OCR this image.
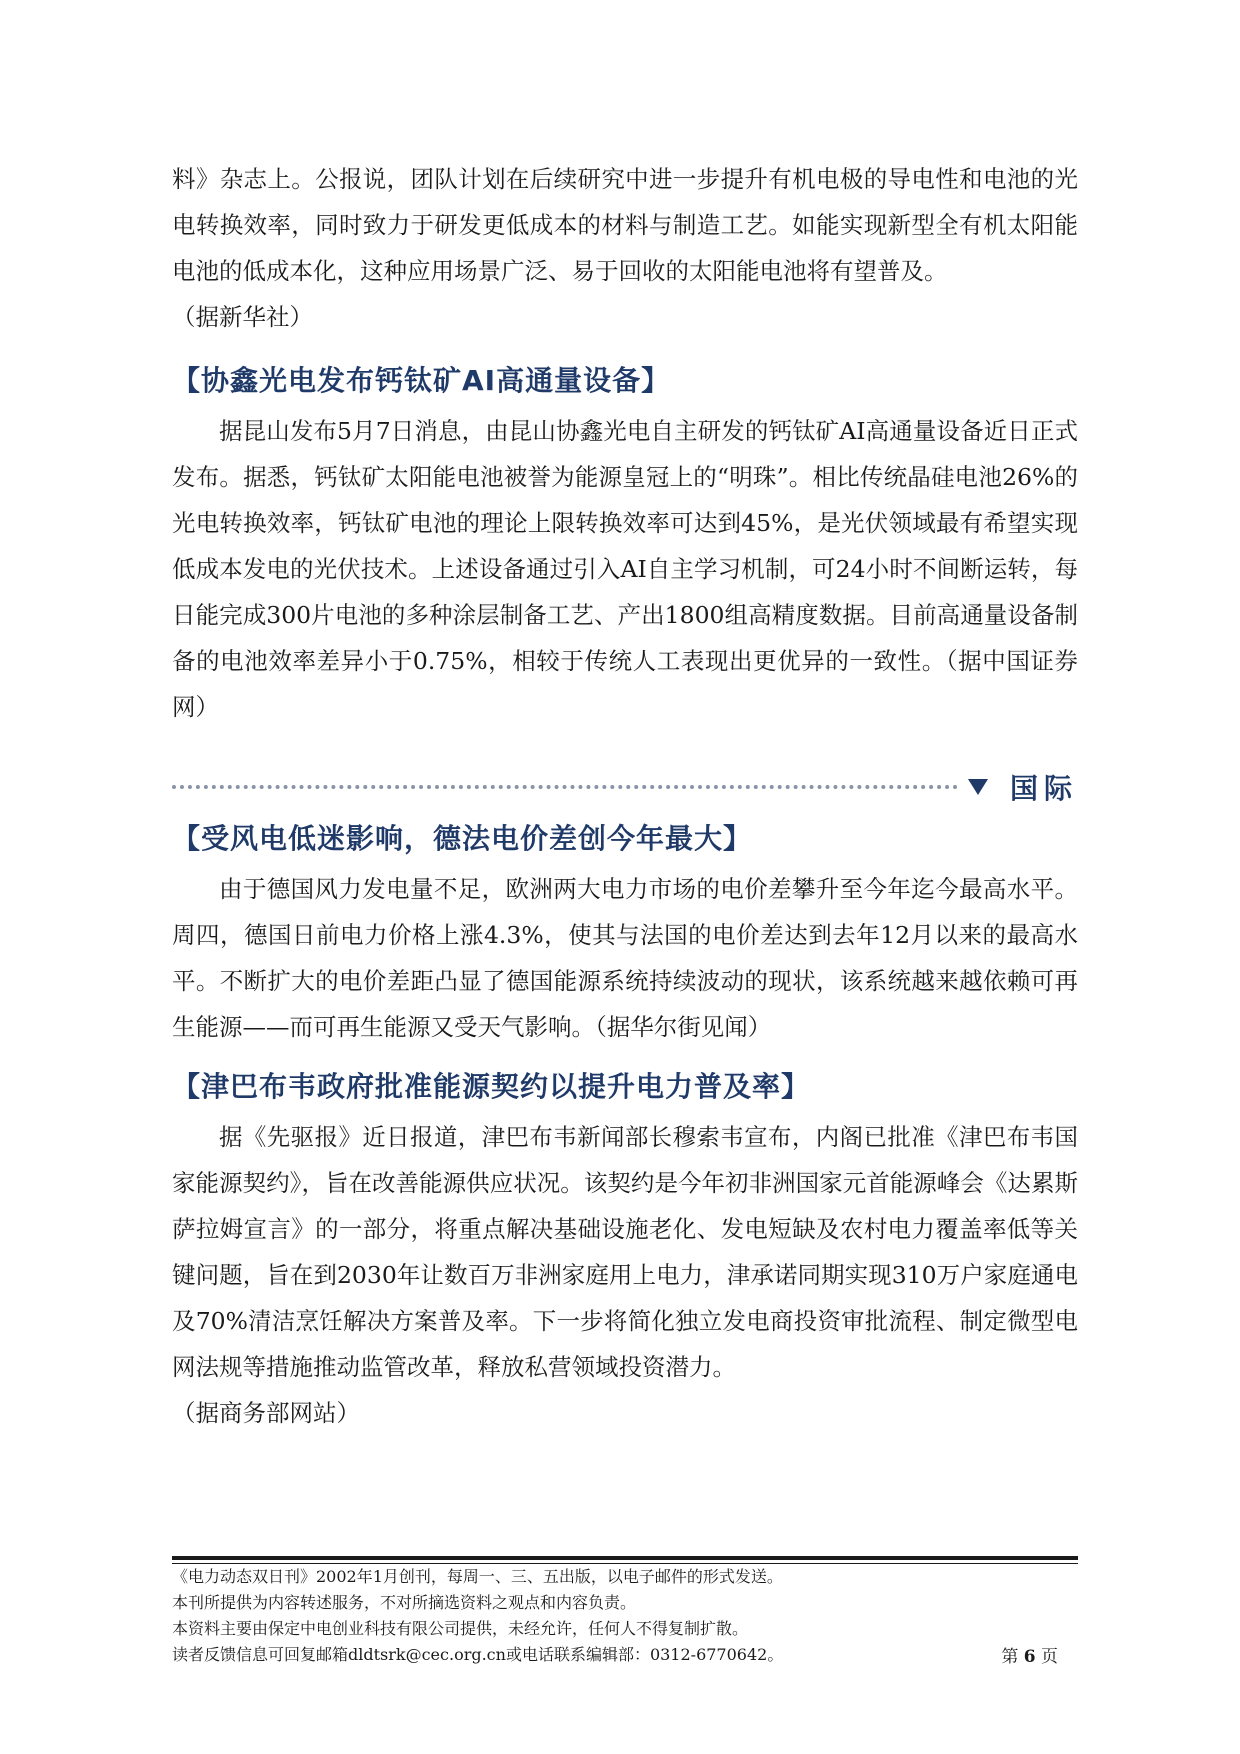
料》杂志上。公报说，团队计划在后续研究中进一步提升有机电极的导电性和电池的光电转换效率，同时致力于研发更低成本的材料与制造工艺。如能实现新型全有机太阳能电池的低成本化，这种应用场景广泛、易于回收的太阳能电池将有望普及。

（据新华社）

【协鑫光电发布钙钛矿AI高通量设备】

据昆山发布5月7日消息，由昆山协鑫光电自主研发的钙钛矿AI高通量设备近日正式发布。据悉，钙钛矿太阳能电池被誉为能源皇冠上的“明珠”。相比传统晶硅电池26%的光电转换效率，钙钛矿电池的理论上限转换效率可达到45%，是光伏领域最有希望实现低成本发电的光伏技术。上述设备通过引入AI自主学习机制，可24小时不间断运转，每日能完成300片电池的多种涂层制备工艺、产出1800组高精度数据。目前高通量设备制备的电池效率差异小于0.75%，相较于传统人工表现出更优异的一致性。（据中国证券网）

国际
【受风电低迷影响，德法电价差创今年最大】

由于德国风力发电量不足，欧洲两大电力市场的电价差攀升至今年迄今最高水平。周四，德国日前电力价格上涨4.3%，使其与法国的电价差达到去年12月以来的最高水平。不断扩大的电价差距凸显了德国能源系统持续波动的现状，该系统越来越依赖可再生能源——而可再生能源又受天气影响。（据华尔街见闻）

【津巴布韦政府批准能源契约以提升电力普及率】

据《先驱报》近日报道，津巴布韦新闻部长穆索韦宣布，内阁已批准《津巴布韦国家能源契约》，旨在改善能源供应状况。该契约是今年初非洲国家元首能源峰会《达累斯萨拉姆宣言》的一部分，将重点解决基础设施老化、发电短缺及农村电力覆盖率低等关键问题，旨在到2030年让数百万非洲家庭用上电力，津承诺同期实现310万户家庭通电及70%清洁烹饪解决方案普及率。下一步将简化独立发电商投资审批流程、制定微型电网法规等措施推动监管改革，释放私营领域投资潜力。

（据商务部网站）

《电力动态双日刊》2002年1月创刊，每周一、三、五出版，以电子邮件的形式发送。

本刊所提供为内容转述服务，不对所摘选资料之观点和内容负责。

本资料主要由保定中电创业科技有限公司提供，未经允许，任何人不得复制扩散。

读者反馈信息可回复邮箱dldtsrk@cec.org.cn或电话联系编辑部：0312-6770642。	第 6 页
